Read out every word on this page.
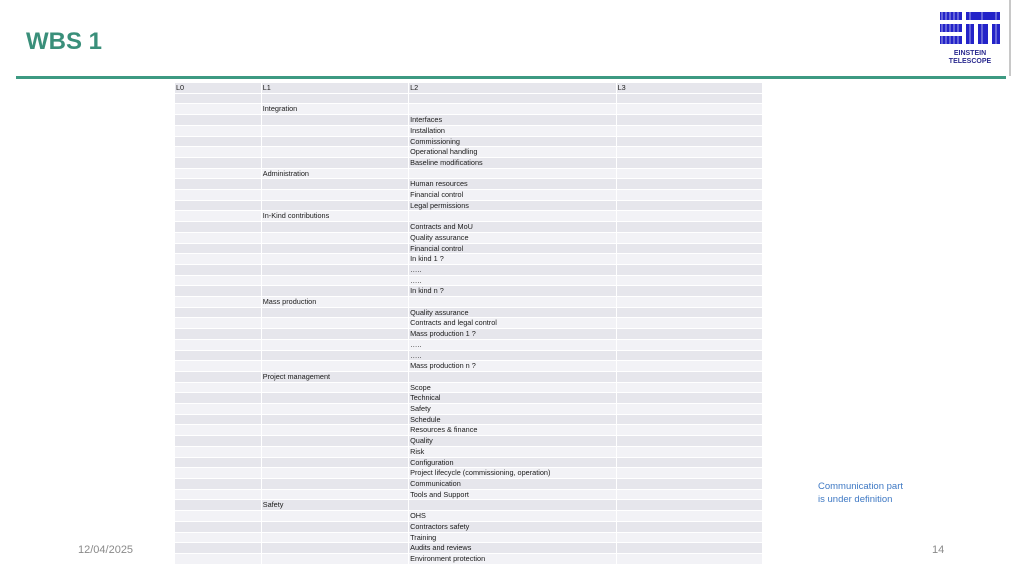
WBS 1	EINSTEIN
TELESCOPE
L0	L1	L2	L3

	Integration		
		Interfaces	
		Installation	
		Commissioning	
		Operational handling	
		Baseline modifications	
	Administration		
		Human resources	
		Financial control	
		Legal permissions	
	In-Kind contributions		
		Contracts and MoU	
		Quality assurance	
		Financial control	
		In kind 1 ?	
		…..	
		…..	
		In kind n ?	
	Mass production		
		Quality assurance	
		Contracts and legal control	
		Mass production 1 ?	
		…..	
		…..	
		Mass production n ?	
	Project management		
		Scope	
		Technical	
		Safety	
		Schedule	
		Resources & finance	
		Quality	
		Risk	
		Configuration	
		Project lifecycle (commissioning, operation)	
		Communication	
		Tools and Support	
	Safety		
		OHS	
		Contractors safety	
		Training	
		Audits and reviews	
		Environment protection	
Communication part
is under definition
12/04/2025	14
